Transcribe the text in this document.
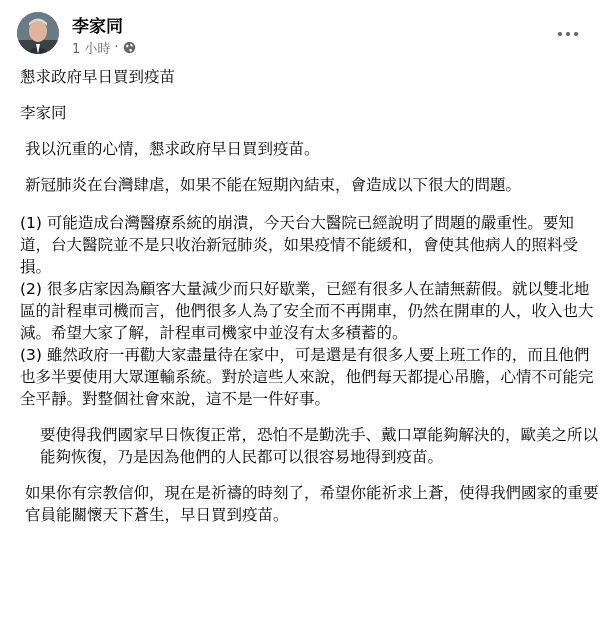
李家同
1 小時 ·

懇求政府早日買到疫苗

李家同

我以沉重的心情，懇求政府早日買到疫苗。

新冠肺炎在台灣肆虐，如果不能在短期內結束，會造成以下很大的問題。

(1) 可能造成台灣醫療系統的崩潰，今天台大醫院已經說明了問題的嚴重性。要知道，台大醫院並不是只收治新冠肺炎，如果疫情不能緩和，會使其他病人的照料受損。

(2) 很多店家因為顧客大量減少而只好歇業，已經有很多人在請無薪假。就以雙北地區的計程車司機而言，他們很多人為了安全而不再開車，仍然在開車的人，收入也大減。希望大家了解，計程車司機家中並沒有太多積蓄的。

(3) 雖然政府一再勸大家盡量待在家中，可是還是有很多人要上班工作的，而且他們也多半要使用大眾運輸系統。對於這些人來說，他們每天都提心吊膽，心情不可能完全平靜。對整個社會來說，這不是一件好事。

要使得我們國家早日恢復正常，恐怕不是勤洗手、戴口罩能夠解決的，歐美之所以能夠恢復，乃是因為他們的人民都可以很容易地得到疫苗。

如果你有宗教信仰，現在是祈禱的時刻了，希望你能祈求上蒼，使得我們國家的重要官員能關懷天下蒼生，早日買到疫苗。
